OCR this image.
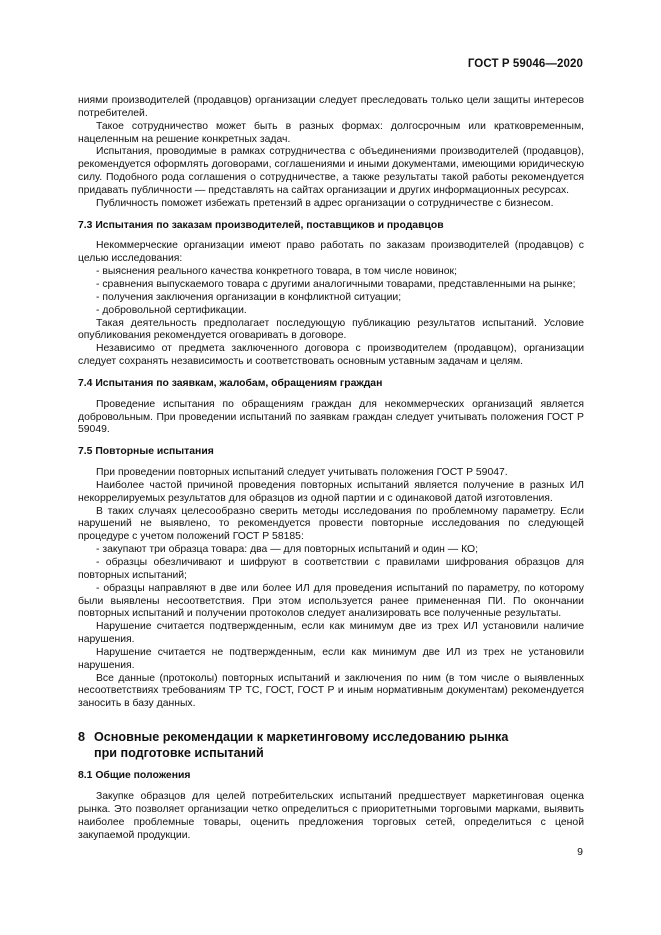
ГОСТ Р 59046—2020

ниями производителей (продавцов) организации следует преследовать только цели защиты интересов потребителей.

Такое сотрудничество может быть в разных формах: долгосрочным или кратковременным, нацеленным на решение конкретных задач.

Испытания, проводимые в рамках сотрудничества с объединениями производителей (продавцов), рекомендуется оформлять договорами, соглашениями и иными документами, имеющими юридическую силу. Подобного рода соглашения о сотрудничестве, а также результаты такой работы рекомендуется придавать публичности — представлять на сайтах организации и других информационных ресурсах.

Публичность поможет избежать претензий в адрес организации о сотрудничестве с бизнесом.

7.3 Испытания по заказам производителей, поставщиков и продавцов

Некоммерческие организации имеют право работать по заказам производителей (продавцов) с целью исследования:

- выяснения реального качества конкретного товара, в том числе новинок;

- сравнения выпускаемого товара с другими аналогичными товарами, представленными на рынке;

- получения заключения организации в конфликтной ситуации;

- добровольной сертификации.

Такая деятельность предполагает последующую публикацию результатов испытаний. Условие опубликования рекомендуется оговаривать в договоре.

Независимо от предмета заключенного договора с производителем (продавцом), организации следует сохранять независимость и соответствовать основным уставным задачам и целям.

7.4 Испытания по заявкам, жалобам, обращениям граждан

Проведение испытания по обращениям граждан для некоммерческих организаций является добровольным. При проведении испытаний по заявкам граждан следует учитывать положения ГОСТ Р 59049.

7.5 Повторные испытания

При проведении повторных испытаний следует учитывать положения ГОСТ Р 59047.

Наиболее частой причиной проведения повторных испытаний является получение в разных ИЛ некоррелируемых результатов для образцов из одной партии и с одинаковой датой изготовления.

В таких случаях целесообразно сверить методы исследования по проблемному параметру. Если нарушений не выявлено, то рекомендуется провести повторные исследования по следующей процедуре с учетом положений ГОСТ Р 58185:

- закупают три образца товара: два — для повторных испытаний и один — КО;

- образцы обезличивают и шифруют в соответствии с правилами шифрования образцов для повторных испытаний;

- образцы направляют в две или более ИЛ для проведения испытаний по параметру, по которому были выявлены несоответствия. При этом используется ранее примененная ПИ. По окончании повторных испытаний и получении протоколов следует анализировать все полученные результаты.

Нарушение считается подтвержденным, если как минимум две из трех ИЛ установили наличие нарушения.

Нарушение считается не подтвержденным, если как минимум две ИЛ из трех не установили нарушения.

Все данные (протоколы) повторных испытаний и заключения по ним (в том числе о выявленных несоответствиях требованиям ТР ТС, ГОСТ, ГОСТ Р и иным нормативным документам) рекомендуется заносить в базу данных.

8 Основные рекомендации к маркетинговому исследованию рынка
при подготовке испытаний
8.1 Общие положения

Закупке образцов для целей потребительских испытаний предшествует маркетинговая оценка рынка. Это позволяет организации четко определиться с приоритетными торговыми марками, выявить наиболее проблемные товары, оценить предложения торговых сетей, определиться с ценой закупаемой продукции.

9
